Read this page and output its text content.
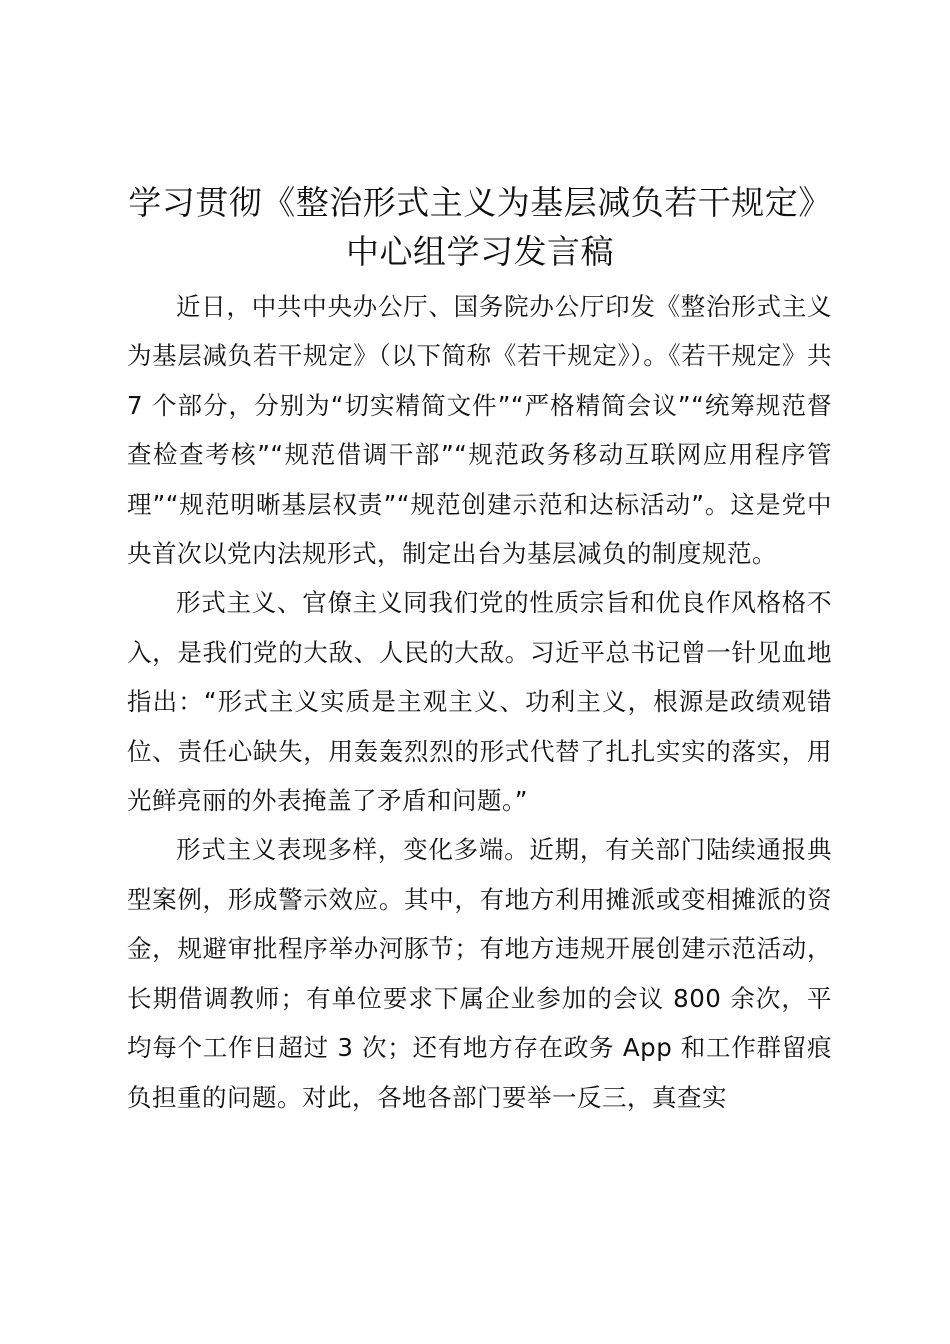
学习贯彻《整治形式主义为基层减负若干规定》中心组学习发言稿

近日，中共中央办公厅、国务院办公厅印发《整治形式主义为基层减负若干规定》（以下简称《若干规定》）。《若干规定》共 7 个部分，分别为“切实精简文件”“严格精简会议”“统筹规范督查检查考核”“规范借调干部”“规范政务移动互联网应用程序管理”“规范明晰基层权责”“规范创建示范和达标活动”。这是党中央首次以党内法规形式，制定出台为基层减负的制度规范。

形式主义、官僚主义同我们党的性质宗旨和优良作风格格不入，是我们党的大敌、人民的大敌。习近平总书记曾一针见血地指出：“形式主义实质是主观主义、功利主义，根源是政绩观错位、责任心缺失，用轰轰烈烈的形式代替了扎扎实实的落实，用光鲜亮丽的外表掩盖了矛盾和问题。”

形式主义表现多样，变化多端。近期，有关部门陆续通报典型案例，形成警示效应。其中，有地方利用摊派或变相摊派的资金，规避审批程序举办河豚节；有地方违规开展创建示范活动，长期借调教师；有单位要求下属企业参加的会议 800 余次，平均每个工作日超过 3 次；还有地方存在政务 App 和工作群留痕负担重的问题。对此，各地各部门要举一反三，真查实
